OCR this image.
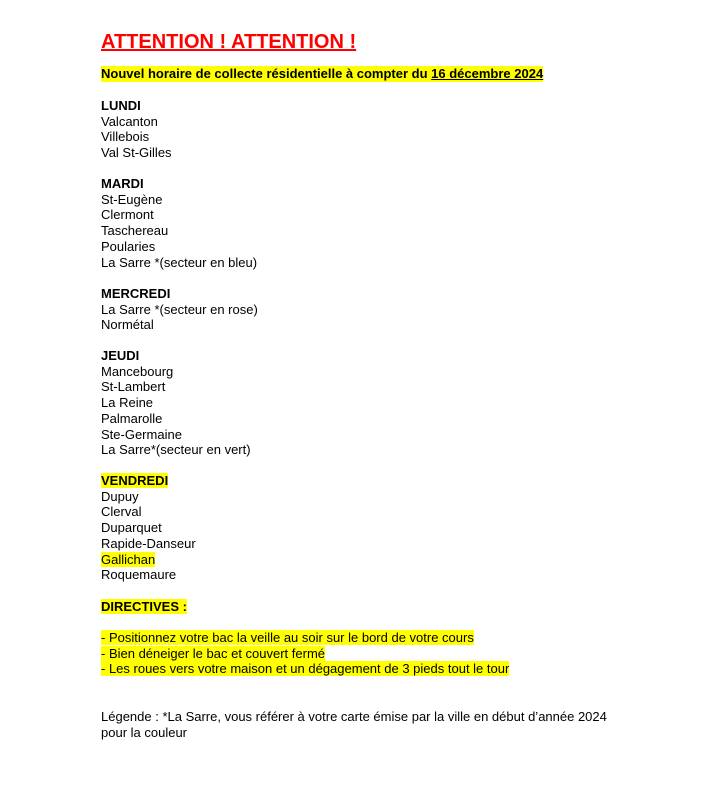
ATTENTION ! ATTENTION !
Nouvel horaire de collecte résidentielle à compter du 16 décembre 2024
LUNDI
Valcanton
Villebois
Val St-Gilles
MARDI
St-Eugène
Clermont
Taschereau
Poularies
La Sarre *(secteur en bleu)
MERCREDI
La Sarre *(secteur en rose)
Normétal
JEUDI
Mancebourg
St-Lambert
La Reine
Palmarolle
Ste-Germaine
La Sarre*(secteur en vert)
VENDREDI
Dupuy
Clerval
Duparquet
Rapide-Danseur
Gallichan
Roquemaure
DIRECTIVES :
- Positionnez votre bac la veille au soir sur le bord de votre cours
- Bien déneiger le bac et couvert fermé
- Les roues vers votre maison et un dégagement de 3 pieds tout le tour
Légende : *La Sarre, vous référer à votre carte émise par la ville en début d’année 2024 pour la couleur
